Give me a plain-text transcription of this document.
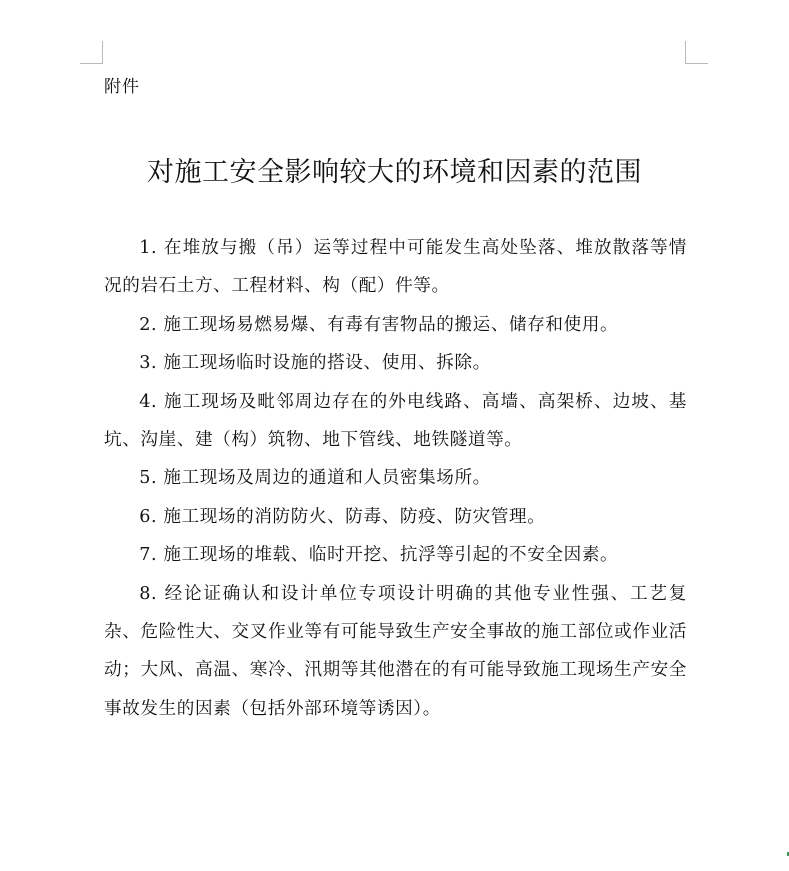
附件
对施工安全影响较大的环境和因素的范围

1. 在堆放与搬（吊）运等过程中可能发生高处坠落、堆放散落等情况的岩石土方、工程材料、构（配）件等。

2. 施工现场易燃易爆、有毒有害物品的搬运、储存和使用。

3. 施工现场临时设施的搭设、使用、拆除。

4. 施工现场及毗邻周边存在的外电线路、高墙、高架桥、边坡、基坑、沟崖、建（构）筑物、地下管线、地铁隧道等。

5. 施工现场及周边的通道和人员密集场所。

6. 施工现场的消防防火、防毒、防疫、防灾管理。

7. 施工现场的堆载、临时开挖、抗浮等引起的不安全因素。

8. 经论证确认和设计单位专项设计明确的其他专业性强、工艺复杂、危险性大、交叉作业等有可能导致生产安全事故的施工部位或作业活动；大风、高温、寒冷、汛期等其他潜在的有可能导致施工现场生产安全事故发生的因素（包括外部环境等诱因）。
